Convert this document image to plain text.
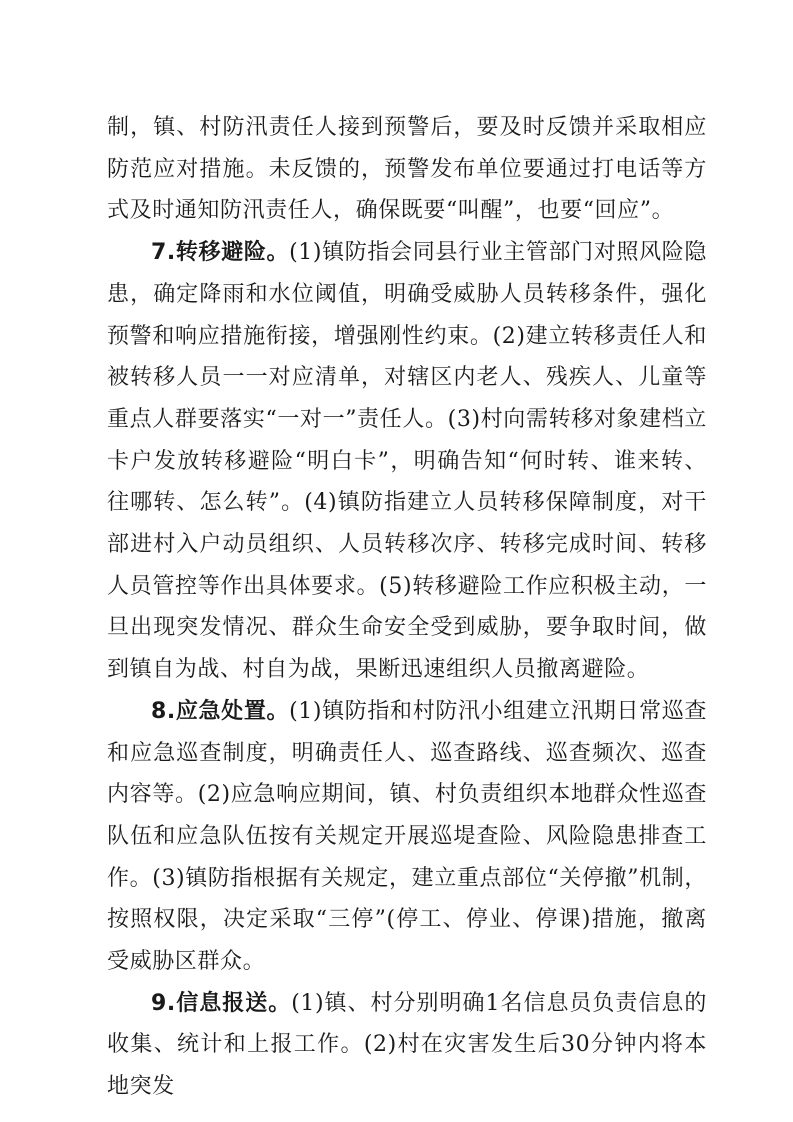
制，镇、村防汛责任人接到预警后，要及时反馈并采取相应防范应对措施。未反馈的，预警发布单位要通过打电话等方式及时通知防汛责任人，确保既要“叫醒”，也要“回应”。

7.转移避险。(1)镇防指会同县行业主管部门对照风险隐患，确定降雨和水位阈值，明确受威胁人员转移条件，强化预警和响应措施衔接，增强刚性约束。(2)建立转移责任人和被转移人员一一对应清单，对辖区内老人、残疾人、儿童等重点人群要落实“一对一”责任人。(3)村向需转移对象建档立卡户发放转移避险“明白卡”，明确告知“何时转、谁来转、往哪转、怎么转”。(4)镇防指建立人员转移保障制度，对干部进村入户动员组织、人员转移次序、转移完成时间、转移人员管控等作出具体要求。(5)转移避险工作应积极主动，一旦出现突发情况、群众生命安全受到威胁，要争取时间，做到镇自为战、村自为战，果断迅速组织人员撤离避险。

8.应急处置。(1)镇防指和村防汛小组建立汛期日常巡查和应急巡查制度，明确责任人、巡查路线、巡查频次、巡查内容等。(2)应急响应期间，镇、村负责组织本地群众性巡查队伍和应急队伍按有关规定开展巡堤查险、风险隐患排查工作。(3)镇防指根据有关规定，建立重点部位“关停撤”机制，按照权限，决定采取“三停”(停工、停业、停课)措施，撤离受威胁区群众。

9.信息报送。(1)镇、村分别明确1名信息员负责信息的收集、统计和上报工作。(2)村在灾害发生后30分钟内将本地突发
